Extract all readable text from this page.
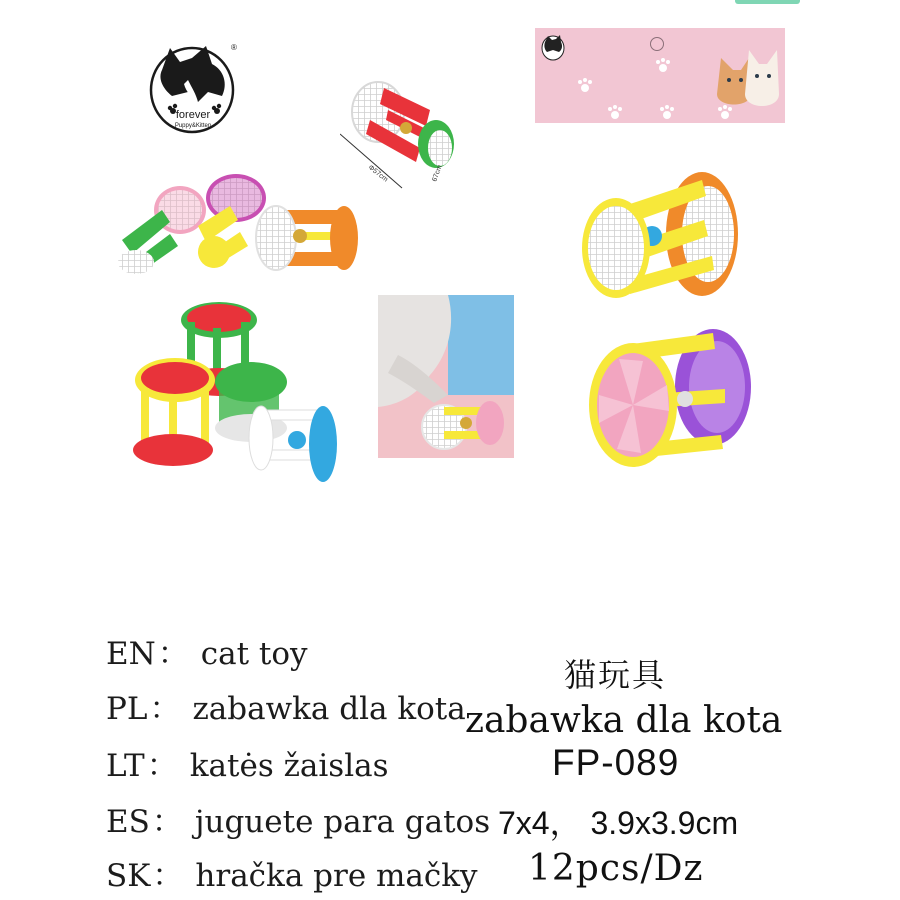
forever
Puppy&Kitten
®
Φ57cm	67cm
EN： cat toy
PL： zabawka dla kota
LT： katės žaislas
ES： juguete para gatos
SK： hračka pre mačky
猫玩具
zabawka dla kota
FP-089
7x4， 3.9x3.9cm
12pcs/Dz
